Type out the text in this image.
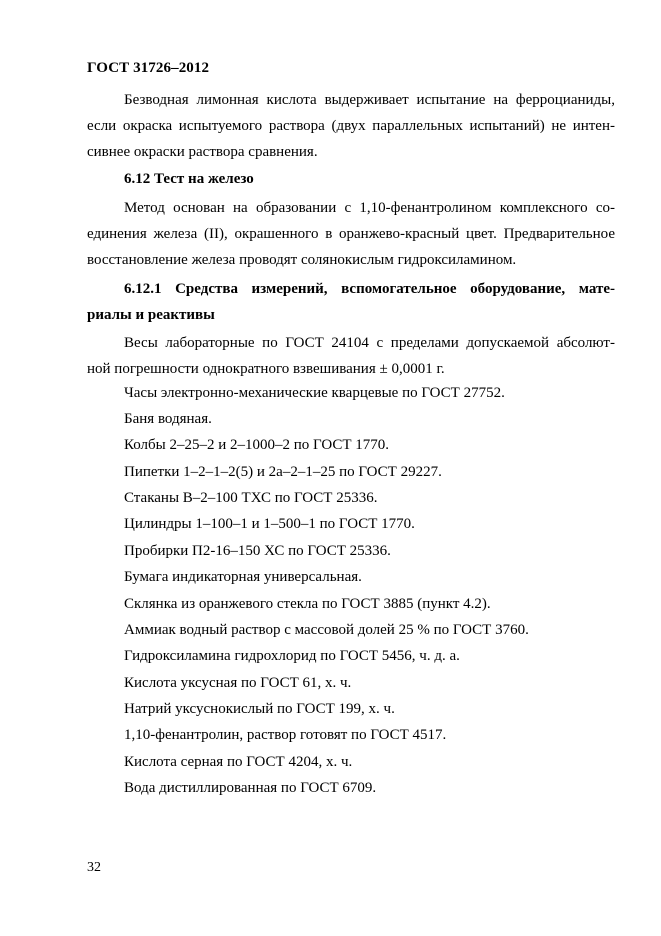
ГОСТ 31726–2012
Безводная лимонная кислота выдерживает испытание на ферроцианиды,
если окраска испытуемого раствора (двух параллельных испытаний) не интен-
сивнее окраски раствора сравнения.
6.12 Тест на железо
Метод основан на образовании с 1,10-фенантролином комплексного со-
единения железа (II), окрашенного в оранжево-красный цвет. Предварительное
восстановление железа проводят солянокислым гидроксиламином.
6.12.1 Средства измерений, вспомогательное оборудование, мате-
риалы и реактивы
Весы лабораторные по ГОСТ 24104 с пределами допускаемой абсолют-
ной погрешности однократного взвешивания ± 0,0001 г.
Часы электронно-механические кварцевые по ГОСТ 27752.
Баня водяная.
Колбы 2–25–2 и 2–1000–2 по ГОСТ 1770.
Пипетки 1–2–1–2(5) и 2а–2–1–25 по ГОСТ 29227.
Стаканы В–2–100 ТХС по ГОСТ 25336.
Цилиндры 1–100–1 и 1–500–1 по ГОСТ 1770.
Пробирки П2-16–150 ХС по ГОСТ 25336.
Бумага индикаторная универсальная.
Склянка из оранжевого стекла по ГОСТ 3885 (пункт 4.2).
Аммиак водный раствор с массовой долей 25 % по ГОСТ 3760.
Гидроксиламина гидрохлорид по ГОСТ 5456, ч. д. а.
Кислота уксусная по ГОСТ 61, х. ч.
Натрий уксуснокислый по ГОСТ 199, х. ч.
1,10-фенантролин, раствор готовят по ГОСТ 4517.
Кислота серная по ГОСТ 4204, х. ч.
Вода дистиллированная по ГОСТ 6709.
32
